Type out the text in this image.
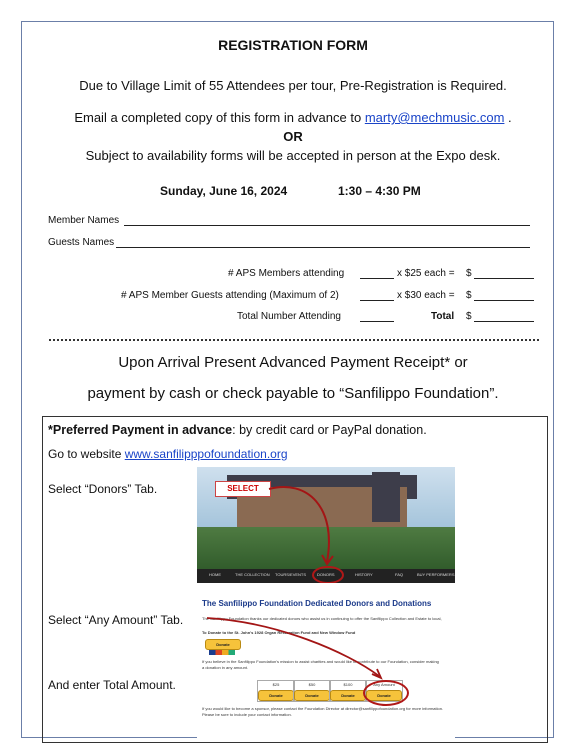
REGISTRATION FORM
Due to Village Limit of 55 Attendees per tour, Pre-Registration is Required.
Email a completed copy of this form in advance to marty@mechmusic.com .
OR
Subject to availability forms will be accepted in person at the Expo desk.
Sunday, June 16, 2024	1:30 – 4:30 PM
Member Names
Guests Names
# APS Members attending	x $25 each = $
# APS Member Guests attending (Maximum of 2)	x $30 each = $
Total Number Attending	Total $
Upon Arrival Present Advanced Payment Receipt* or
payment by cash or check payable to “Sanfilippo Foundation”.
*Preferred Payment in advance: by credit card or PayPal donation.
Go to website www.sanfilipppofoundation.org
Select “Donors” Tab.
Select “Any Amount” Tab.
And enter Total Amount.
SELECT
HOME	THE COLLECTION TOURS/EVENTS	DONORS	HISTORY	FAQ	BUY PERFORMERS
The Sanfilippo Foundation Dedicated Donors and Donations
The Sanfilippo Foundation thanks our dedicated donors who assist us in continuing to offer the Sanfilippo Collection and Estate to local,
To Donate to the St. John's 1928 Organ Restoration Fund and New Window Fund
Donate
If you believe in the Sanfilippo Foundation's mission to assist charities and would like to contribute to our Foundation, consider making
a donation in any amount.
$25
Donate
$50
Donate
$100
Donate
Any Amount
Donate
If you would like to become a sponsor, please contact the Foundation Director at director@sanfilippofoundation.org for more information.
Please be sure to include your contact information.
